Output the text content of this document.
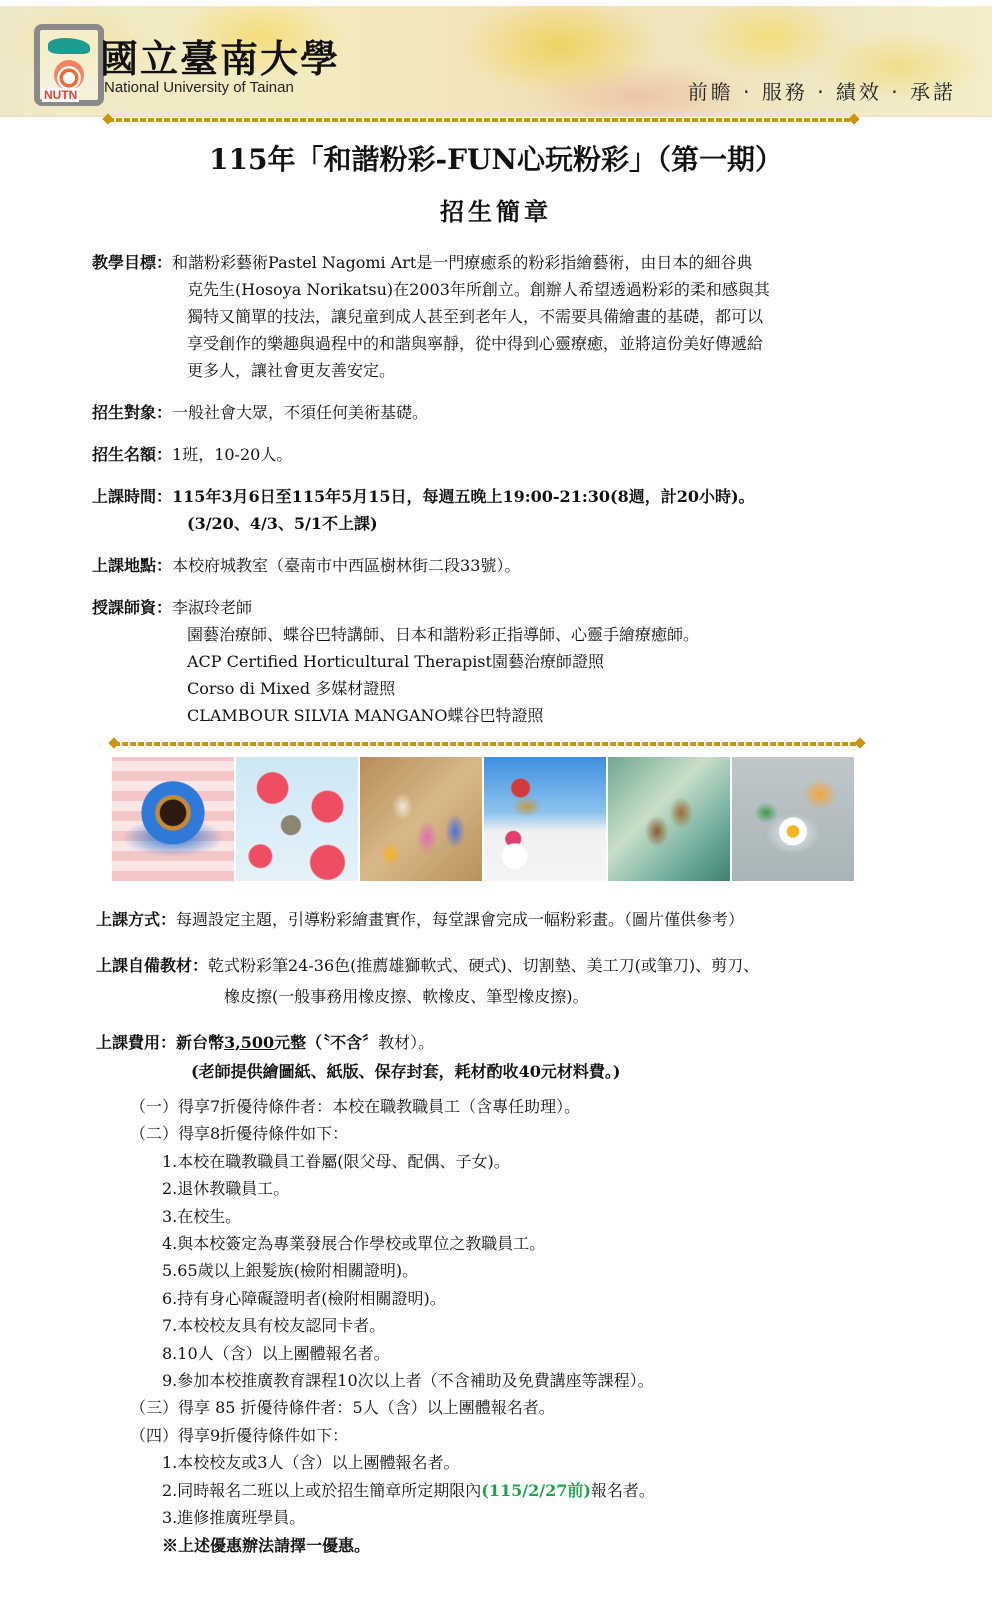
NUTN
國立臺南大學
National University of Tainan	前瞻 · 服務 · 績效 · 承諾
115年「和諧粉彩-FUN心玩粉彩」（第一期）
招生簡章
教學目標：和諧粉彩藝術Pastel Nagomi Art是一門療癒系的粉彩指繪藝術，由日本的細谷典
克先生(Hosoya Norikatsu)在2003年所創立。創辦人希望透過粉彩的柔和感與其
獨特又簡單的技法，讓兒童到成人甚至到老年人，不需要具備繪畫的基礎，都可以
享受創作的樂趣與過程中的和諧與寧靜，從中得到心靈療癒，並將這份美好傳遞給
更多人，讓社會更友善安定。
招生對象：一般社會大眾，不須任何美術基礎。
招生名額：1班，10-20人。
上課時間：115年3月6日至115年5月15日，每週五晚上19:00-21:30(8週，計20小時)。
(3/20、4/3、5/1不上課)
上課地點：本校府城教室（臺南市中西區樹林街二段33號）。
授課師資：李淑玲老師
園藝治療師、蝶谷巴特講師、日本和諧粉彩正指導師、心靈手繪療癒師。
ACP Certified Horticultural Therapist園藝治療師證照
Corso di Mixed 多媒材證照
CLAMBOUR SILVIA MANGANO蝶谷巴特證照
上課方式：每週設定主題，引導粉彩繪畫實作，每堂課會完成一幅粉彩畫。（圖片僅供參考）
上課自備教材：乾式粉彩筆24-36色(推薦雄獅軟式、硬式)、切割墊、美工刀(或筆刀)、剪刀、
橡皮擦(一般事務用橡皮擦、軟橡皮、筆型橡皮擦)。
上課費用：新台幣3,500元整（〝不含〞教材）。
(老師提供繪圖紙、紙版、保存封套，耗材酌收40元材料費。)
（一）得享7折優待條件者：本校在職教職員工（含專任助理）。
（二）得享8折優待條件如下：
1.本校在職教職員工眷屬(限父母、配偶、子女)。
2.退休教職員工。
3.在校生。
4.與本校簽定為專業發展合作學校或單位之教職員工。
5.65歲以上銀髮族(檢附相關證明)。
6.持有身心障礙證明者(檢附相關證明)。
7.本校校友具有校友認同卡者。
8.10人（含）以上團體報名者。
9.參加本校推廣教育課程10次以上者（不含補助及免費講座等課程）。
（三）得享 85 折優待條件者：5人（含）以上團體報名者。
（四）得享9折優待條件如下：
1.本校校友或3人（含）以上團體報名者。
2.同時報名二班以上或於招生簡章所定期限內(115/2/27前)報名者。
3.進修推廣班學員。
※上述優惠辦法請擇一優惠。
